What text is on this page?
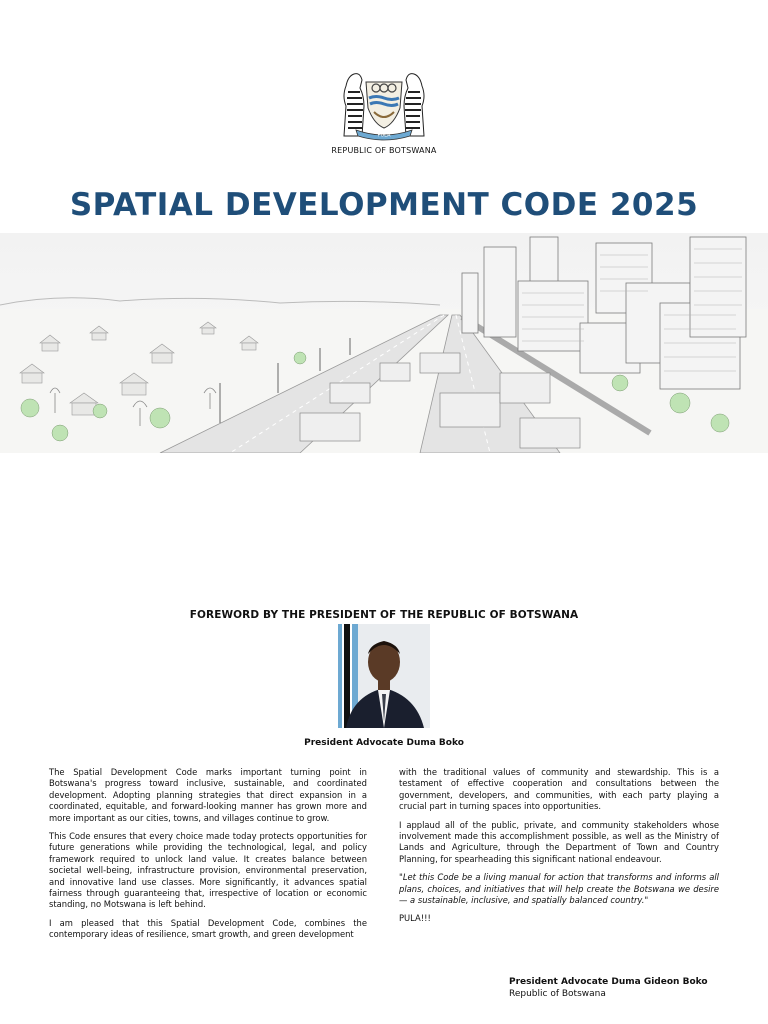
PULA
REPUBLIC OF BOTSWANA
SPATIAL DEVELOPMENT CODE 2025
FOREWORD BY THE PRESIDENT OF THE REPUBLIC OF BOTSWANA
President Advocate Duma Boko

The Spatial Development Code marks important turning point in Botswana's progress toward inclusive, sustainable, and coordinated development. Adopting planning strategies that direct expansion in a coordinated, equitable, and forward-looking manner has grown more and more important as our cities, towns, and villages continue to grow.

This Code ensures that every choice made today protects opportunities for future generations while providing the technological, legal, and policy framework required to unlock land value. It creates balance between societal well-being, infrastructure provision, environmental preservation, and innovative land use classes. More significantly, it advances spatial fairness through guaranteeing that, irrespective of location or economic standing, no Motswana is left behind.

I am pleased that this Spatial Development Code, combines the contemporary ideas of resilience, smart growth, and green development

with the traditional values of community and stewardship. This is a testament of effective cooperation and consultations between the government, developers, and communities, with each party playing a crucial part in turning spaces into opportunities.

I applaud all of the public, private, and community stakeholders whose involvement made this accomplishment possible, as well as the Ministry of Lands and Agriculture, through the Department of Town and Country Planning, for spearheading this significant national endeavour.

"Let this Code be a living manual for action that transforms and informs all plans, choices, and initiatives that will help create the Botswana we desire — a sustainable, inclusive, and spatially balanced country."

PULA!!!

President Advocate Duma Gideon Boko
Republic of Botswana
